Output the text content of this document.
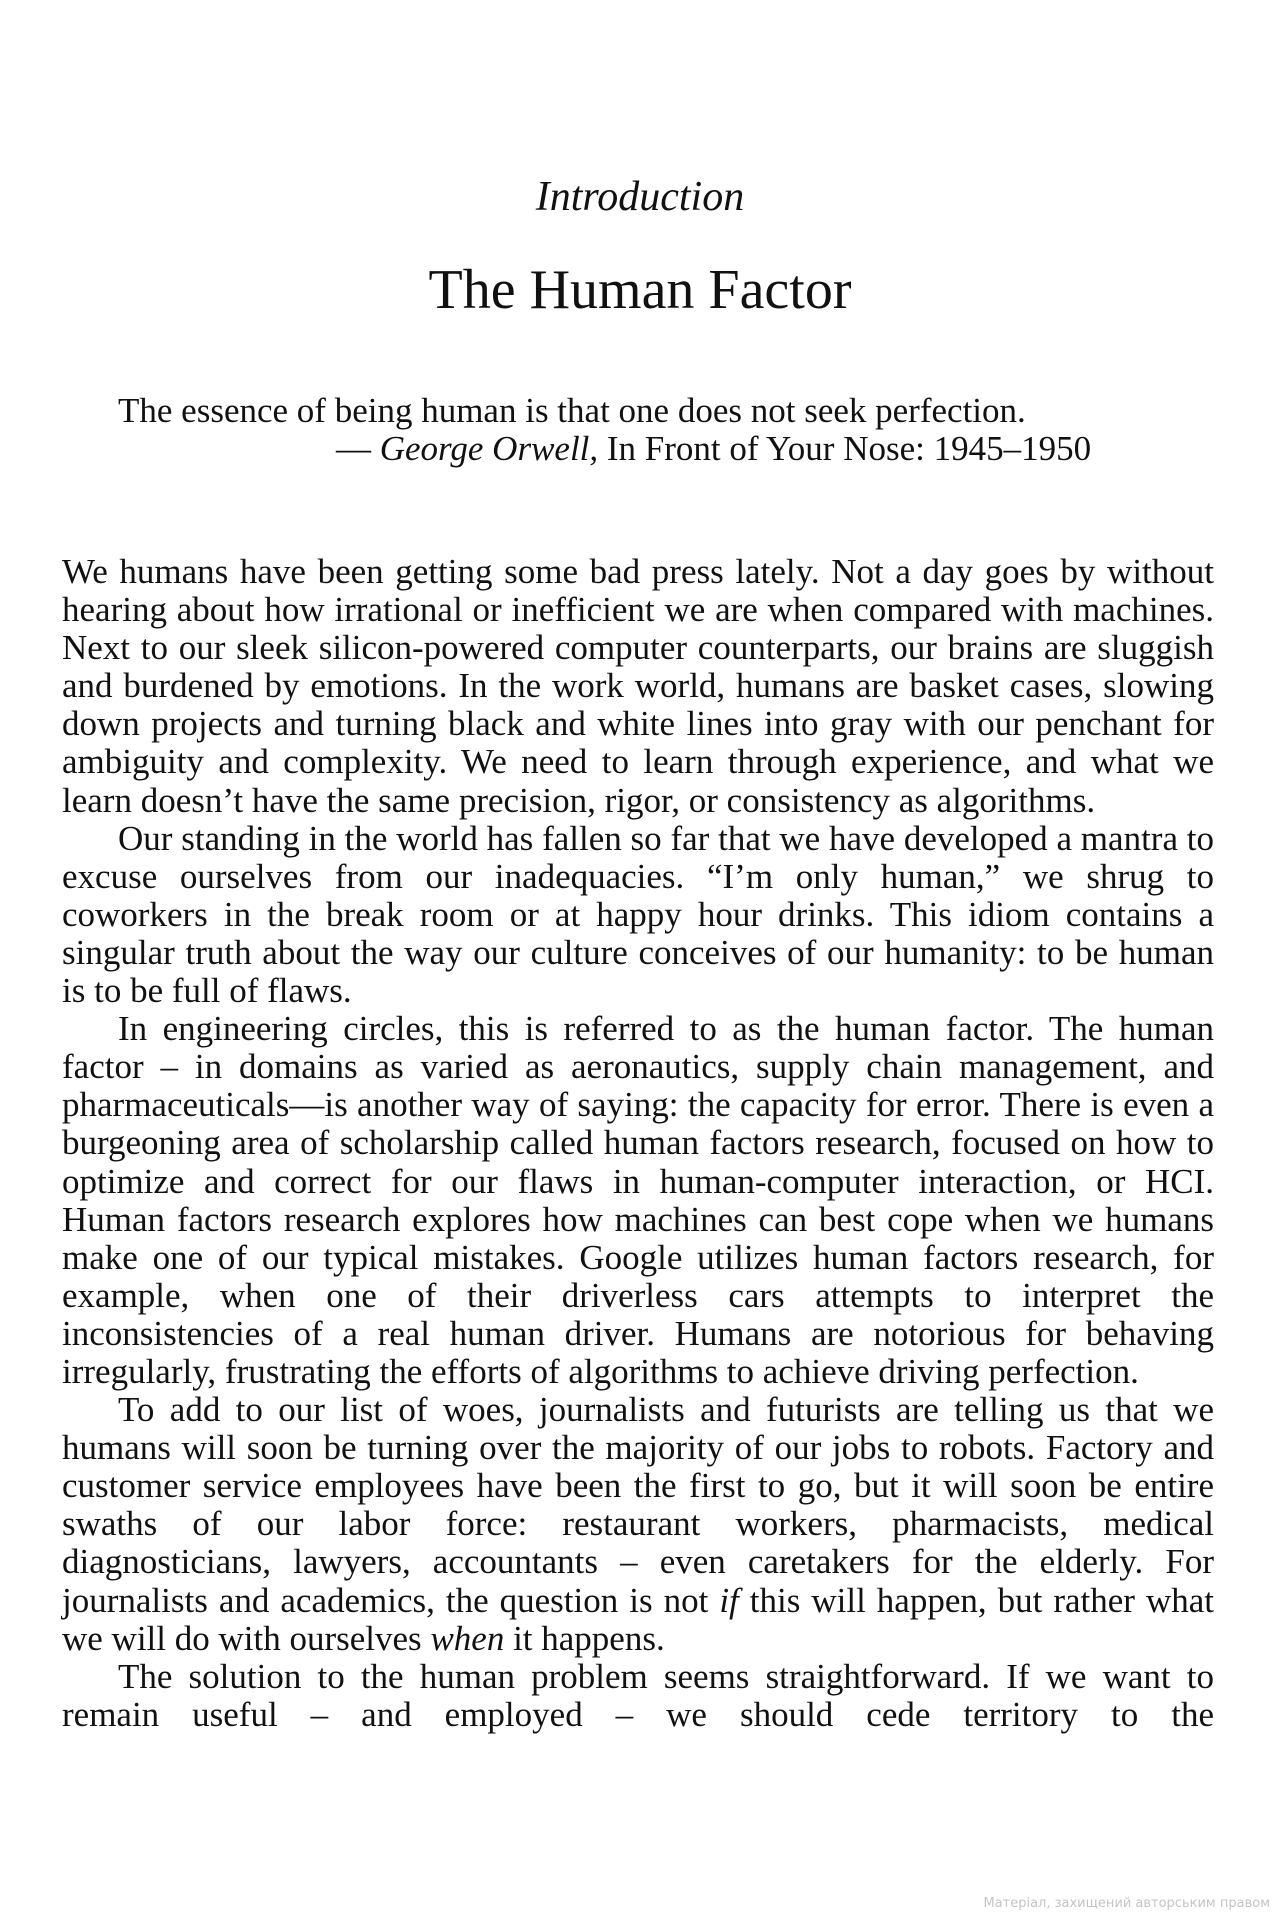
Introduction
The Human Factor
The essence of being human is that one does not seek perfection.
— George Orwell, In Front of Your Nose: 1945–1950

We humans have been getting some bad press lately. Not a day goes by without hearing about how irrational or inefficient we are when compared with machines. Next to our sleek silicon-powered computer counterparts, our brains are sluggish and burdened by emotions. In the work world, humans are basket cases, slowing down projects and turning black and white lines into gray with our penchant for ambiguity and complexity. We need to learn through experience, and what we learn doesn’t have the same precision, rigor, or consistency as algorithms.

Our standing in the world has fallen so far that we have developed a mantra to excuse ourselves from our inadequacies. “I’m only human,” we shrug to coworkers in the break room or at happy hour drinks. This idiom contains a singular truth about the way our culture conceives of our humanity: to be human is to be full of flaws.

In engineering circles, this is referred to as the human factor. The human factor – in domains as varied as aeronautics, supply chain management, and pharmaceuticals—is another way of saying: the capacity for error. There is even a burgeoning area of scholarship called human factors research, focused on how to optimize and correct for our flaws in human-computer interaction, or HCI. Human factors research explores how machines can best cope when we humans make one of our typical mistakes. Google utilizes human factors research, for example, when one of their driverless cars attempts to interpret the inconsistencies of a real human driver. Humans are notorious for behaving irregularly, frustrating the efforts of algorithms to achieve driving perfection.

To add to our list of woes, journalists and futurists are telling us that we humans will soon be turning over the majority of our jobs to robots. Factory and customer service employees have been the first to go, but it will soon be entire swaths of our labor force: restaurant workers, pharmacists, medical diagnosticians, lawyers, accountants – even caretakers for the elderly. For journalists and academics, the question is not if this will happen, but rather what we will do with ourselves when it happens.

The solution to the human problem seems straightforward. If we want to remain useful – and employed – we should cede territory to the

Матеріал, захищений авторським правом
